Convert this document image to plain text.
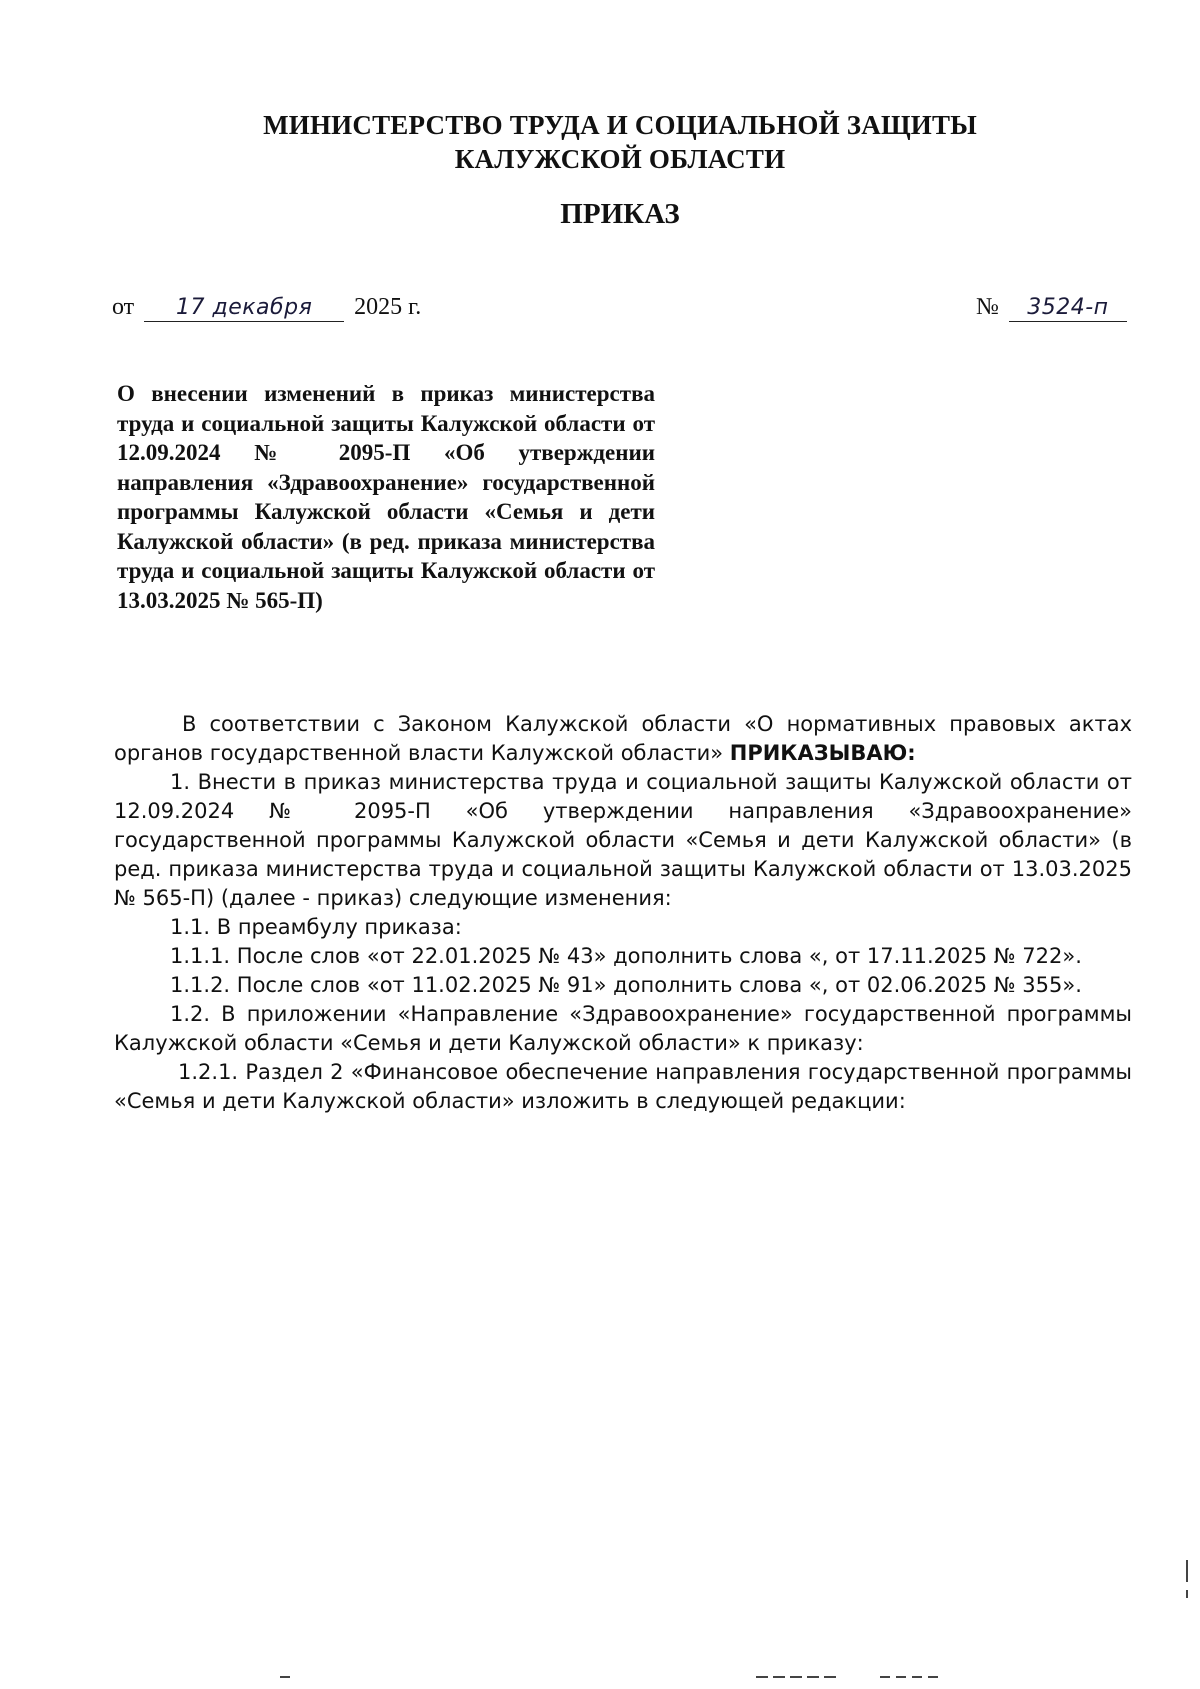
МИНИСТЕРСТВО ТРУДА И СОЦИАЛЬНОЙ ЗАЩИТЫ
КАЛУЖСКОЙ ОБЛАСТИ
ПРИКАЗ
от 17 декабря 2025 г.	№ 3524-п
О внесении изменений в приказ министерства труда и социальной защиты Калужской области от 12.09.2024 № 2095-П «Об утверждении направления «Здравоохранение» государственной программы Калужской области «Семья и дети Калужской области» (в ред. приказа министерства труда и социальной защиты Калужской области от 13.03.2025 № 565-П)

В соответствии с Законом Калужской области «О нормативных правовых актах органов государственной власти Калужской области» ПРИКАЗЫВАЮ:

1. Внести в приказ министерства труда и социальной защиты Калужской области от 12.09.2024 № 2095-П «Об утверждении направления «Здравоохранение» государственной программы Калужской области «Семья и дети Калужской области» (в ред. приказа министерства труда и социальной защиты Калужской области от 13.03.2025 № 565-П) (далее - приказ) следующие изменения:

1.1. В преамбулу приказа:

1.1.1. После слов «от 22.01.2025 № 43» дополнить слова «, от 17.11.2025 № 722».

1.1.2. После слов «от 11.02.2025 № 91» дополнить слова «, от 02.06.2025 № 355».

1.2. В приложении «Направление «Здравоохранение» государственной программы Калужской области «Семья и дети Калужской области» к приказу:

1.2.1. Раздел 2 «Финансовое обеспечение направления государственной программы «Семья и дети Калужской области» изложить в следующей редакции:
